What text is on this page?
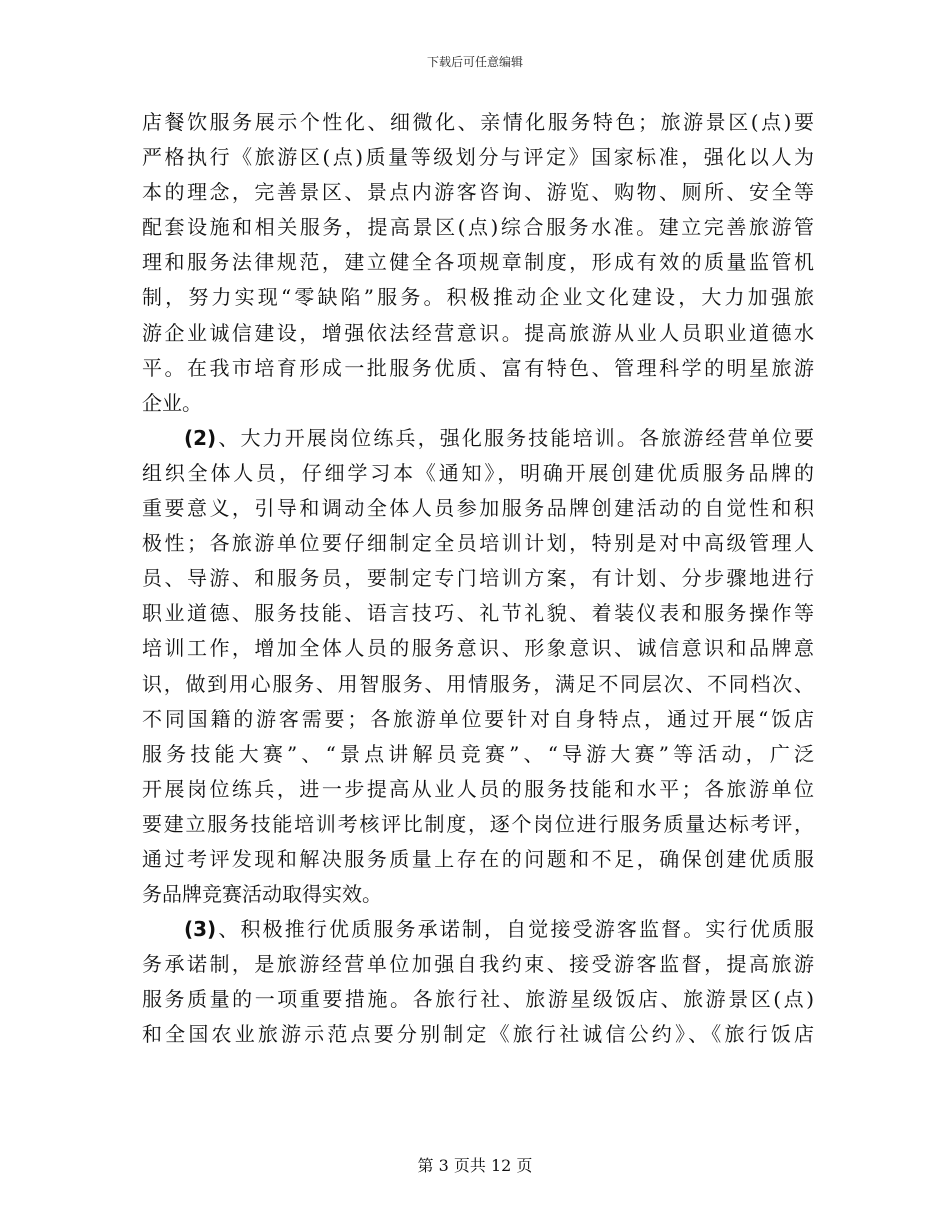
下载后可任意编辑
店餐饮服务展示个性化、细微化、亲情化服务特色；旅游景区(点)要
严格执行《旅游区(点)质量等级划分与评定》国家标准，强化以人为
本的理念，完善景区、景点内游客咨询、游览、购物、厕所、安全等
配套设施和相关服务，提高景区(点)综合服务水准。建立完善旅游管
理和服务法律规范，建立健全各项规章制度，形成有效的质量监管机
制，努力实现“零缺陷”服务。积极推动企业文化建设，大力加强旅
游企业诚信建设，增强依法经营意识。提高旅游从业人员职业道德水
平。在我市培育形成一批服务优质、富有特色、管理科学的明星旅游
企业。
(2)、大力开展岗位练兵，强化服务技能培训。各旅游经营单位要
组织全体人员，仔细学习本《通知》，明确开展创建优质服务品牌的
重要意义，引导和调动全体人员参加服务品牌创建活动的自觉性和积
极性；各旅游单位要仔细制定全员培训计划，特别是对中高级管理人
员、导游、和服务员，要制定专门培训方案，有计划、分步骤地进行
职业道德、服务技能、语言技巧、礼节礼貌、着装仪表和服务操作等
培训工作，增加全体人员的服务意识、形象意识、诚信意识和品牌意
识，做到用心服务、用智服务、用情服务，满足不同层次、不同档次、
不同国籍的游客需要；各旅游单位要针对自身特点，通过开展“饭店
服务技能大赛”、“景点讲解员竞赛”、“导游大赛”等活动，广泛
开展岗位练兵，进一步提高从业人员的服务技能和水平；各旅游单位
要建立服务技能培训考核评比制度，逐个岗位进行服务质量达标考评，
通过考评发现和解决服务质量上存在的问题和不足，确保创建优质服
务品牌竞赛活动取得实效。
(3)、积极推行优质服务承诺制，自觉接受游客监督。实行优质服
务承诺制，是旅游经营单位加强自我约束、接受游客监督，提高旅游
服务质量的一项重要措施。各旅行社、旅游星级饭店、旅游景区(点)
和全国农业旅游示范点要分别制定《旅行社诚信公约》、《旅行饭店
第 3 页共 12 页
